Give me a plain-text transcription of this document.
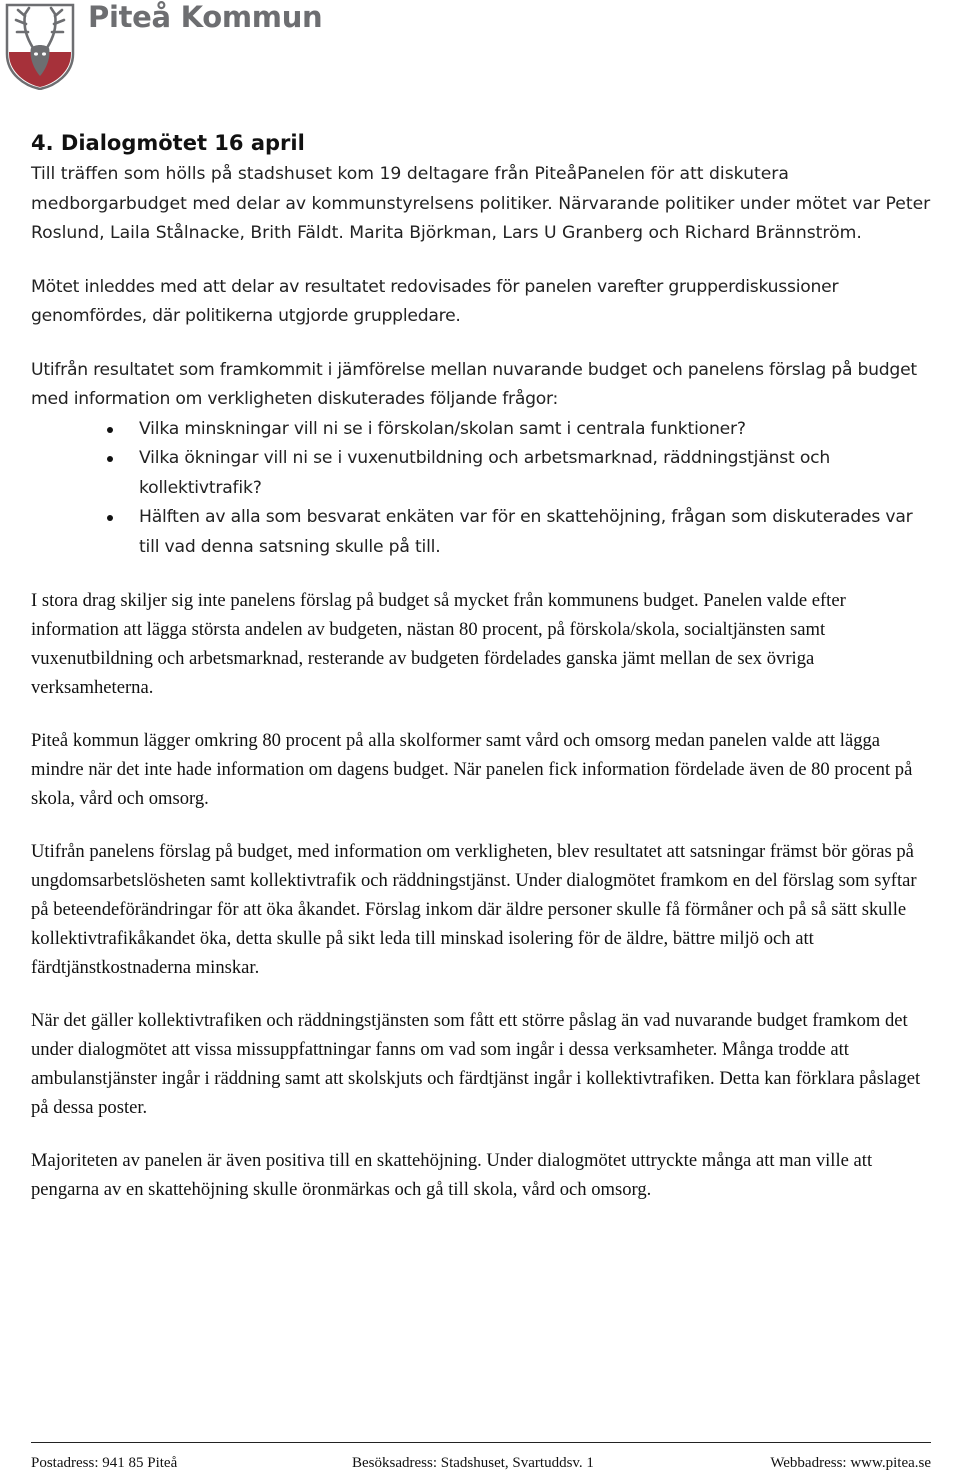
Piteå Kommun
4. Dialogmötet 16 april

Till träffen som hölls på stadshuset kom 19 deltagare från PiteåPanelen för att diskutera medborgarbudget med delar av kommunstyrelsens politiker. Närvarande politiker under mötet var Peter Roslund, Laila Stålnacke, Brith Fäldt. Marita Björkman, Lars U Granberg och Richard Brännström.

Mötet inleddes med att delar av resultatet redovisades för panelen varefter grupperdiskussioner genomfördes, där politikerna utgjorde gruppledare.

Utifrån resultatet som framkommit i jämförelse mellan nuvarande budget och panelens förslag på budget med information om verkligheten diskuterades följande frågor:

Vilka minskningar vill ni se i förskolan/skolan samt i centrala funktioner?
Vilka ökningar vill ni se i vuxenutbildning och arbetsmarknad, räddningstjänst och kollektivtrafik?
Hälften av alla som besvarat enkäten var för en skattehöjning, frågan som diskuterades var till vad denna satsning skulle på till.

I stora drag skiljer sig inte panelens förslag på budget så mycket från kommunens budget. Panelen valde efter information att lägga största andelen av budgeten, nästan 80 procent, på förskola/skola, socialtjänsten samt vuxenutbildning och arbetsmarknad, resterande av budgeten fördelades ganska jämt mellan de sex övriga verksamheterna.

Piteå kommun lägger omkring 80 procent på alla skolformer samt vård och omsorg medan panelen valde att lägga mindre när det inte hade information om dagens budget. När panelen fick information fördelade även de 80 procent på skola, vård och omsorg.

Utifrån panelens förslag på budget, med information om verkligheten, blev resultatet att satsningar främst bör göras på ungdomsarbetslösheten samt kollektivtrafik och räddningstjänst. Under dialogmötet framkom en del förslag som syftar på beteendeförändringar för att öka åkandet. Förslag inkom där äldre personer skulle få förmåner och på så sätt skulle kollektivtrafikåkandet öka, detta skulle på sikt leda till minskad isolering för de äldre, bättre miljö och att färdtjänstkostnaderna minskar.

När det gäller kollektivtrafiken och räddningstjänsten som fått ett större påslag än vad nuvarande budget framkom det under dialogmötet att vissa missuppfattningar fanns om vad som ingår i dessa verksamheter. Många trodde att ambulanstjänster ingår i räddning samt att skolskjuts och färdtjänst ingår i kollektivtrafiken. Detta kan förklara påslaget på dessa poster.

Majoriteten av panelen är även positiva till en skattehöjning. Under dialogmötet uttryckte många att man ville att pengarna av en skattehöjning skulle öronmärkas och gå till skola, vård och omsorg.

Postadress: 941 85 Piteå	Besöksadress: Stadshuset, Svartuddsv. 1	Webbadress: www.pitea.se
